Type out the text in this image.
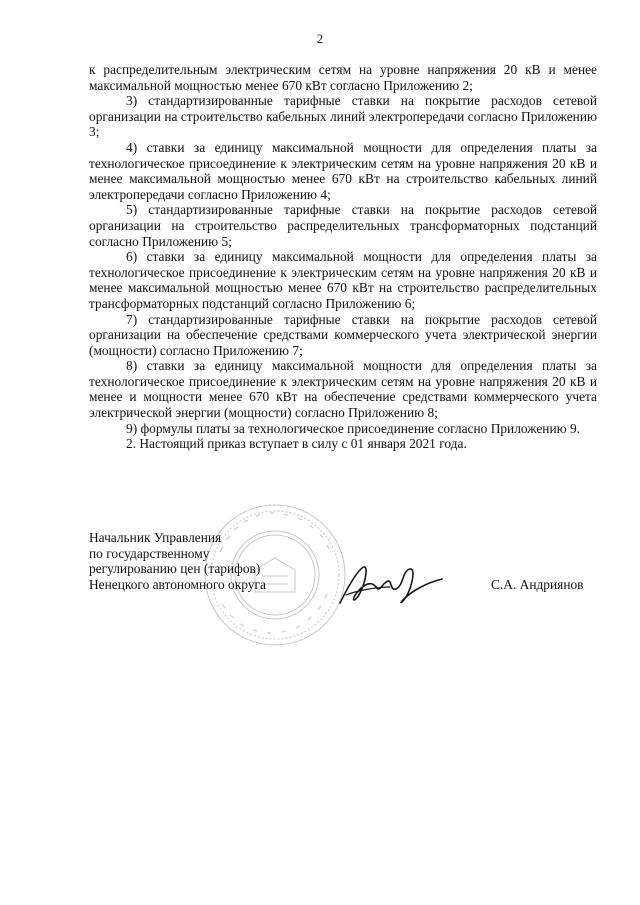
2

к распределительным электрическим сетям на уровне напряжения 20 кВ и менее максимальной мощностью менее 670 кВт согласно Приложению 2;

3) стандартизированные тарифные ставки на покрытие расходов сетевой организации на строительство кабельных линий электропередачи согласно Приложению 3;

4) ставки за единицу максимальной мощности для определения платы за технологическое присоединение к электрическим сетям на уровне напряжения 20 кВ и менее максимальной мощностью менее 670 кВт на строительство кабельных линий электропередачи согласно Приложению 4;

5) стандартизированные тарифные ставки на покрытие расходов сетевой организации на строительство распределительных трансформаторных подстанций согласно Приложению 5;

6) ставки за единицу максимальной мощности для определения платы за технологическое присоединение к электрическим сетям на уровне напряжения 20 кВ и менее максимальной мощностью менее 670 кВт на строительство распределительных трансформаторных подстанций согласно Приложению 6;

7) стандартизированные тарифные ставки на покрытие расходов сетевой организации на обеспечение средствами коммерческого учета электрической энергии (мощности) согласно Приложению 7;

8) ставки за единицу максимальной мощности для определения платы за технологическое присоединение к электрическим сетям на уровне напряжения 20 кВ и менее и мощности менее 670 кВт на обеспечение средствами коммерческого учета электрической энергии (мощности) согласно Приложению 8;

9) формулы платы за технологическое присоединение согласно Приложению 9.

2. Настоящий приказ вступает в силу с 01 января 2021 года.

Начальник Управления
по государственному
регулированию цен (тарифов)
Ненецкого автономного округа	С.А. Андриянов
